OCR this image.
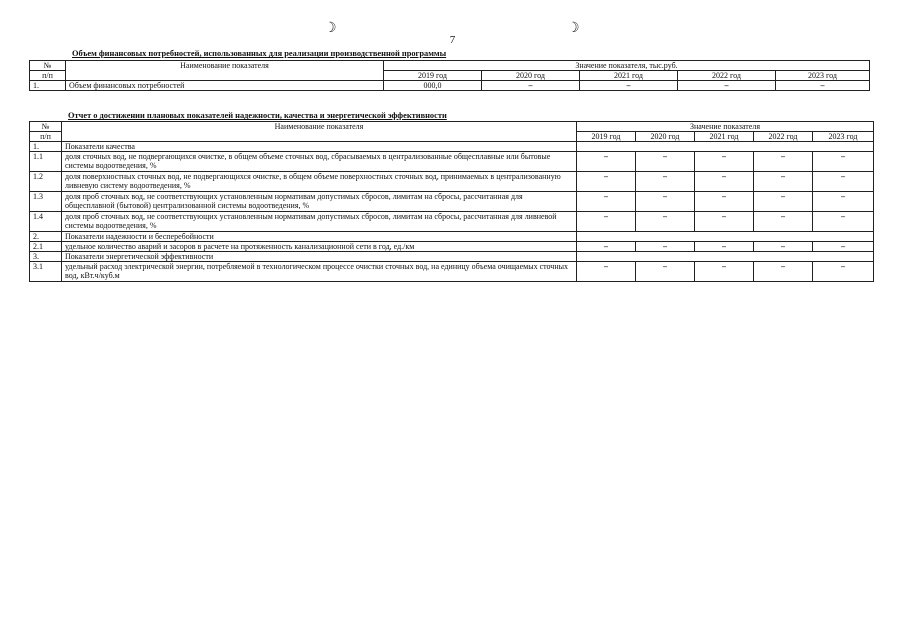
☽	☽
7
Объем финансовых потребностей, использованных для реализации производственной программы
№	Наименование показателя	Значение показателя, тыс.руб.				
п/п		2019 год	2020 год	2021 год	2022 год	2023 год
1.	Объем финансовых потребностей	000,0	–	–	–	–
Отчет о достижении плановых показателей надежности, качества и энергетической эффективности
№	Наименование показателя	Значение показателя				
п/п		2019 год	2020 год	2021 год	2022 год	2023 год
1.	Показатели качества					
1.1	доля сточных вод, не подвергающихся очистке, в общем объеме сточных вод, сбрасываемых в централизованные общесплавные или бытовые системы водоотведения, %	–	–	–	–	–
1.2	доля поверхностных сточных вод, не подвергающихся очистке, в общем объеме поверхностных сточных вод, принимаемых в централизованную ливневую систему водоотведения, %	–	–	–	–	–
1.3	доля проб сточных вод, не соответствующих установленным нормативам допустимых сбросов, лимитам на сбросы, рассчитанная для общесплавной (бытовой) централизованной системы водоотведения, %	–	–	–	–	–
1.4	доля проб сточных вод, не соответствующих установленным нормативам допустимых сбросов, лимитам на сбросы, рассчитанная для ливневой системы водоотведения, %	–	–	–	–	–
2.	Показатели надежности и бесперебойности					
2.1	удельное количество аварий и засоров в расчете на протяженность канализационной сети в год, ед./км	–	–	–	–	–
3.	Показатели энергетической эффективности					
3.1	удельный расход электрической энергии, потребляемой в технологическом процессе очистки сточных вод, на единицу объема очищаемых сточных вод, кВт.ч/куб.м	–	–	–	–	–
